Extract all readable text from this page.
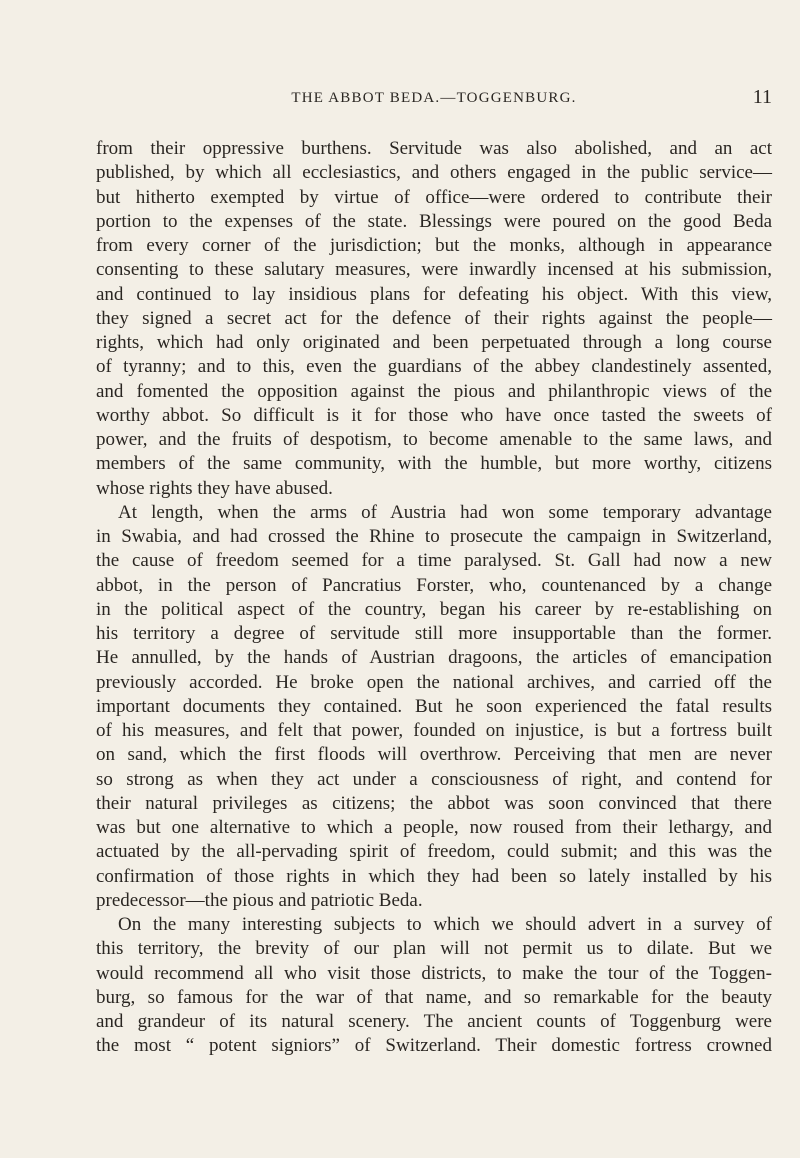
THE ABBOT BEDA.—TOGGENBURG.	11
from their oppressive burthens. Servitude was also abolished, and an act
published, by which all ecclesiastics, and others engaged in the public service—
but hitherto exempted by virtue of office—were ordered to contribute their
portion to the expenses of the state. Blessings were poured on the good Beda
from every corner of the jurisdiction; but the monks, although in appearance
consenting to these salutary measures, were inwardly incensed at his submission,
and continued to lay insidious plans for defeating his object. With this view,
they signed a secret act for the defence of their rights against the people—
rights, which had only originated and been perpetuated through a long course
of tyranny; and to this, even the guardians of the abbey clandestinely assented,
and fomented the opposition against the pious and philanthropic views of the
worthy abbot. So difficult is it for those who have once tasted the sweets of
power, and the fruits of despotism, to become amenable to the same laws, and
members of the same community, with the humble, but more worthy, citizens
whose rights they have abused.
At length, when the arms of Austria had won some temporary advantage
in Swabia, and had crossed the Rhine to prosecute the campaign in Switzerland,
the cause of freedom seemed for a time paralysed. St. Gall had now a new
abbot, in the person of Pancratius Forster, who, countenanced by a change
in the political aspect of the country, began his career by re-establishing on
his territory a degree of servitude still more insupportable than the former.
He annulled, by the hands of Austrian dragoons, the articles of emancipation
previously accorded. He broke open the national archives, and carried off the
important documents they contained. But he soon experienced the fatal results
of his measures, and felt that power, founded on injustice, is but a fortress built
on sand, which the first floods will overthrow. Perceiving that men are never
so strong as when they act under a consciousness of right, and contend for
their natural privileges as citizens; the abbot was soon convinced that there
was but one alternative to which a people, now roused from their lethargy, and
actuated by the all-pervading spirit of freedom, could submit; and this was the
confirmation of those rights in which they had been so lately installed by his
predecessor—the pious and patriotic Beda.
On the many interesting subjects to which we should advert in a survey of
this territory, the brevity of our plan will not permit us to dilate. But we
would recommend all who visit those districts, to make the tour of the Toggen-
burg, so famous for the war of that name, and so remarkable for the beauty
and grandeur of its natural scenery. The ancient counts of Toggenburg were
the most “ potent signiors” of Switzerland. Their domestic fortress crowned
